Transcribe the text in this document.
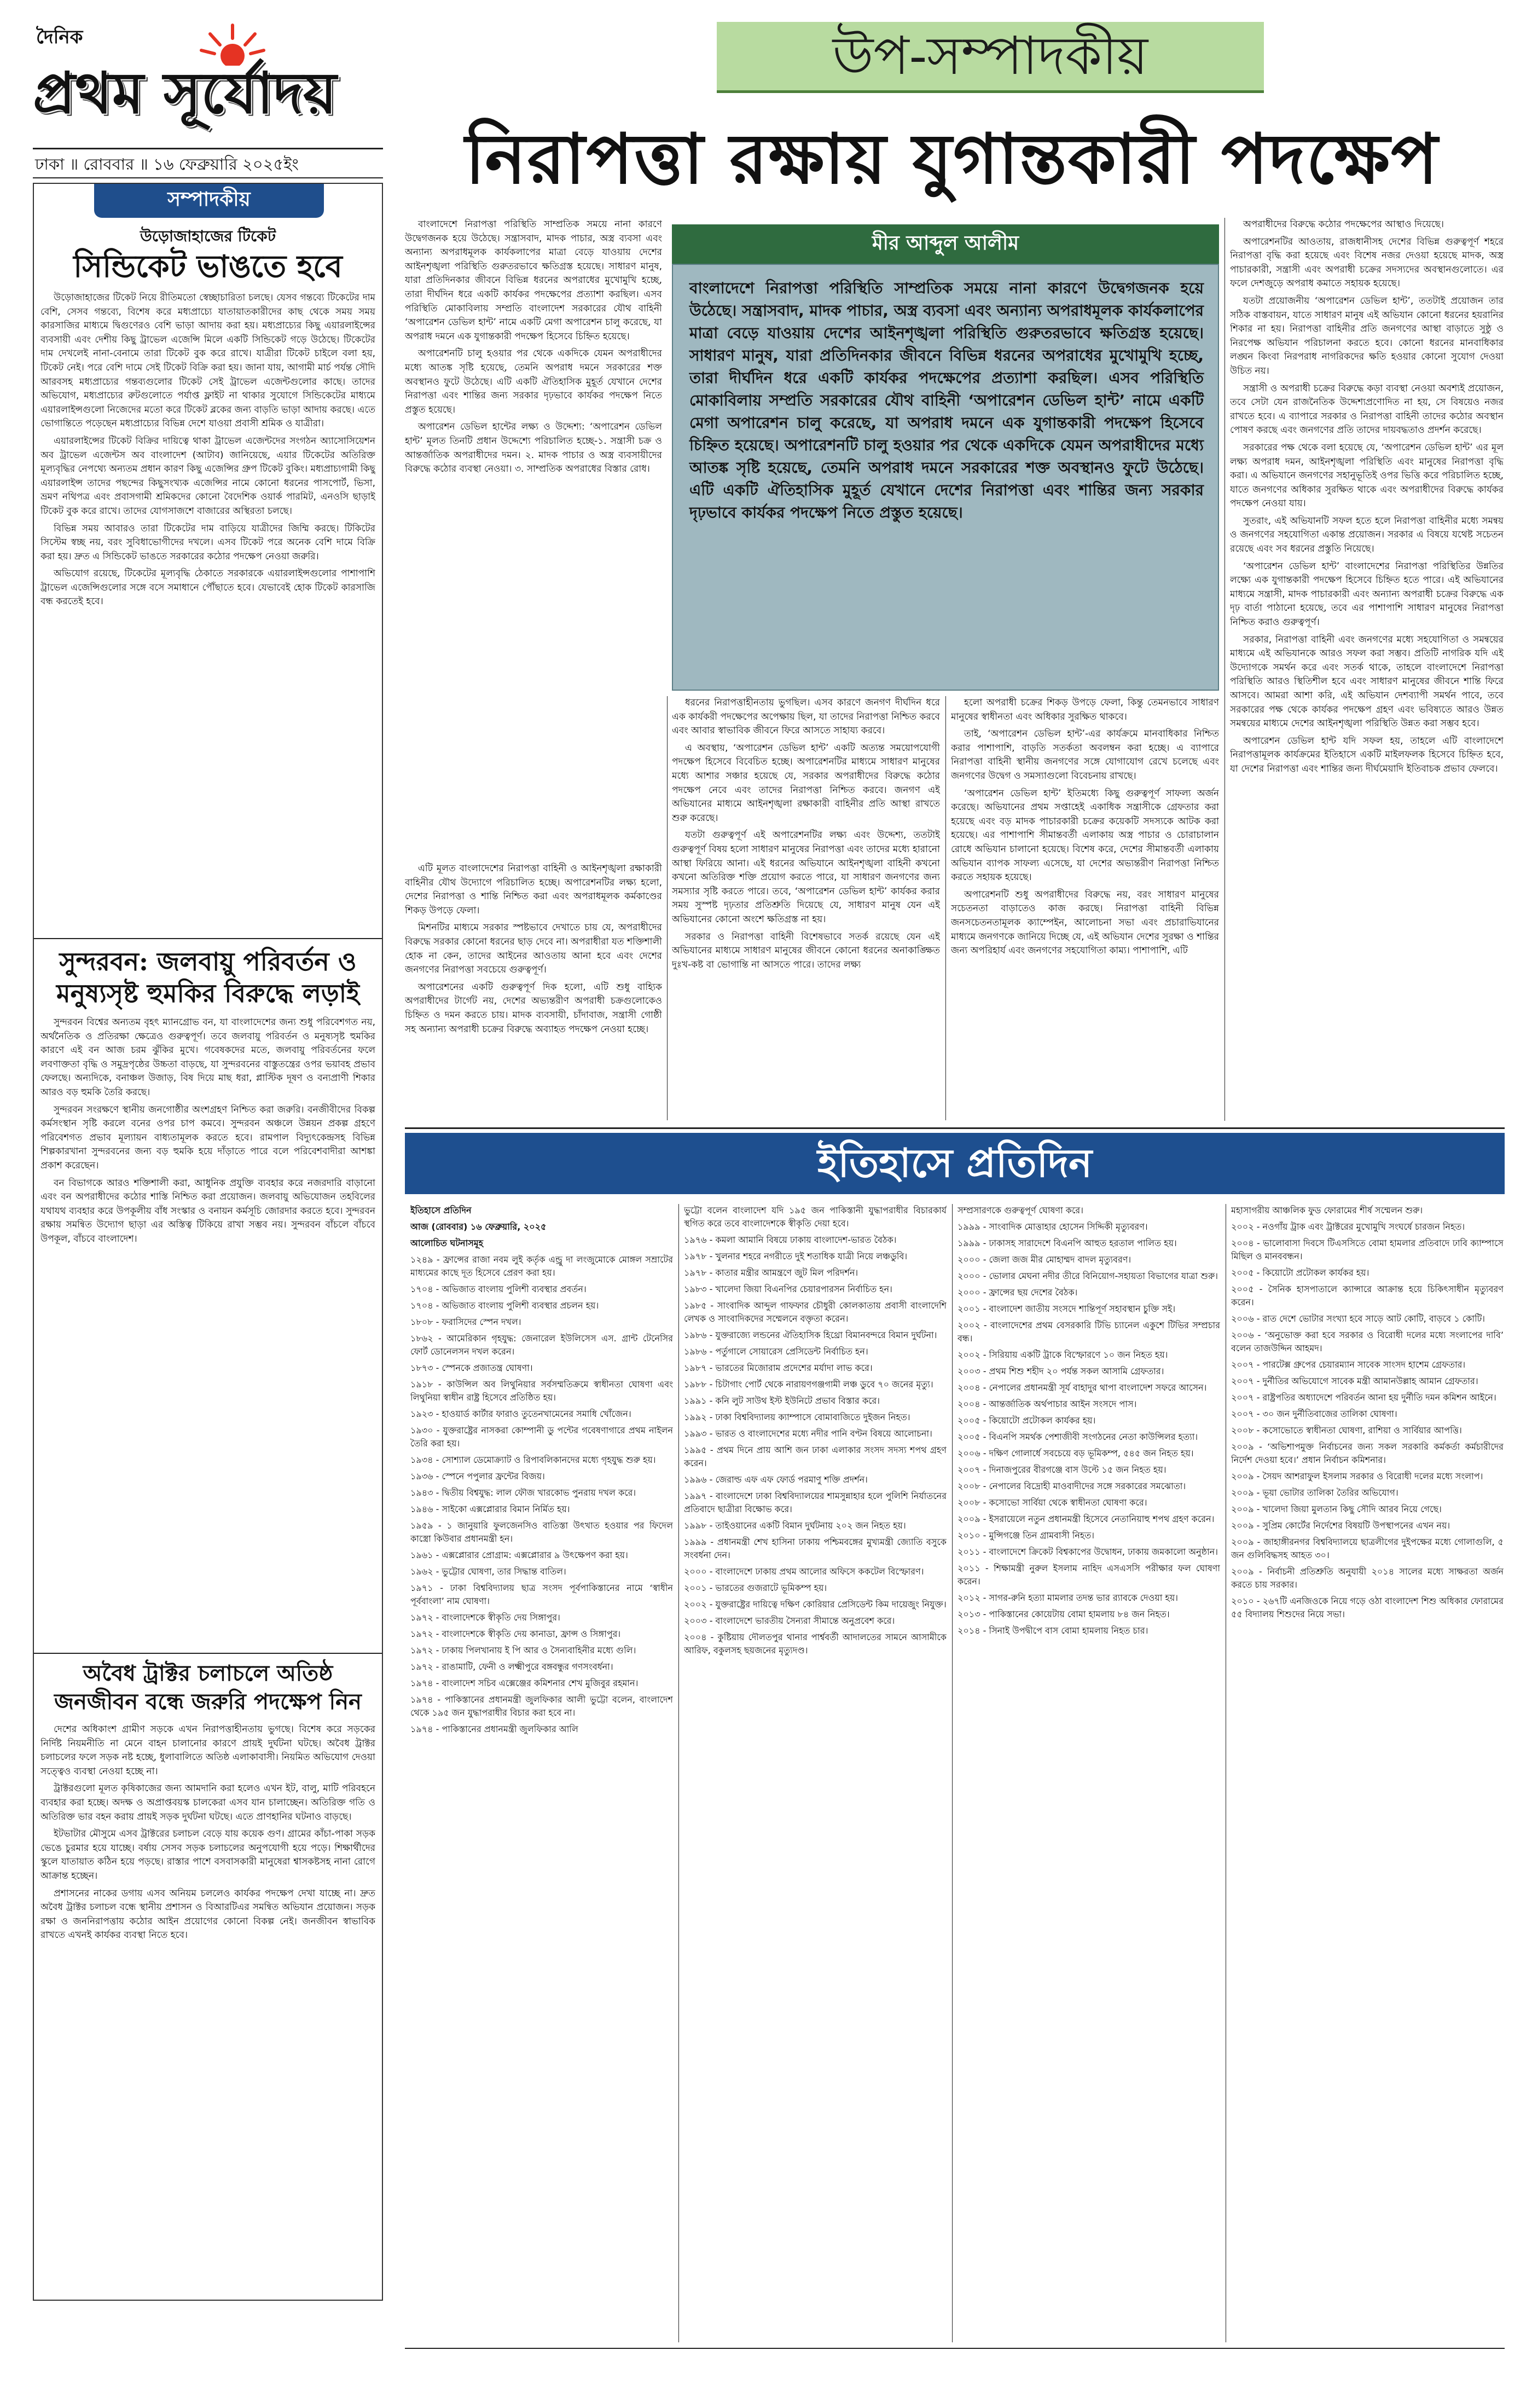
দৈনিক
প্রথম সূর্যোদয়
ঢাকা ॥ রোববার ॥ ১৬ ফেব্রুয়ারি ২০২৫ইং
সম্পাদকীয়
উড়োজাহাজের টিকেট
সিন্ডিকেট ভাঙতে হবে

উড়োজাহাজের টিকেট নিয়ে রীতিমতো স্বেচ্ছাচারিতা চলছে। যেসব গন্তব্যে টিকেটের দাম বেশি, সেসব গন্তব্যে, বিশেষ করে মধ্যপ্রাচ্যে যাতায়াতকারীদের কাছ থেকে সময় সময় কারসাজির মাধ্যমে দ্বিগুণেরও বেশি ভাড়া আদায় করা হয়। মধ্যপ্রাচ্যের কিছু এয়ারলাইন্সের ব্যবসায়ী এবং দেশীয় কিছু ট্রাভেল এজেন্সি মিলে একটি সিন্ডিকেট গড়ে উঠেছে। টিকেটের দাম দেখলেই নানা-বেনামে তারা টিকেট বুক করে রাখে। যাত্রীরা টিকেট চাইলে বলা হয়, টিকেট নেই। পরে বেশি দামে সেই টিকেট বিক্রি করা হয়। জানা যায়, আগামী মার্চ পর্যন্ত সৌদি আরবসহ মধ্যপ্রাচ্যের গন্তব্যগুলোর টিকেট সেই ট্রাভেল এজেন্টগুলোর কাছে। তাদের অভিযোগ, মধ্যপ্রাচ্যের রুটগুলোতে পর্যাপ্ত ফ্লাইট না থাকার সুযোগে সিন্ডিকেটের মাধ্যমে এয়ারলাইন্সগুলো নিজেদের মতো করে টিকেট ব্লকের জন্য বাড়তি ভাড়া আদায় করছে। এতে ভোগান্তিতে পড়েছেন মধ্যপ্রাচ্যের বিভিন্ন দেশে যাওয়া প্রবাসী শ্রমিক ও যাত্রীরা।

এয়ারলাইন্সের টিকেট বিক্রির দায়িত্বে থাকা ট্রাভেল এজেন্টদের সংগঠন অ্যাসোসিয়েশন অব ট্রাভেল এজেন্টস অব বাংলাদেশ (আটাব) জানিয়েছে, এয়ার টিকেটের অতিরিক্ত মূল্যবৃদ্ধির নেপথ্যে অন্যতম প্রধান কারণ কিছু এজেন্সির গ্রুপ টিকেট বুকিং। মধ্যপ্রাচ্যগামী কিছু এয়ারলাইন্স তাদের পছন্দের কিছুসংখ্যক এজেন্সির নামে কোনো ধরনের পাসপোর্ট, ভিসা, ভ্রমণ নথিপত্র এবং প্রবাসগামী শ্রমিকদের কোনো বৈদেশিক ওয়ার্ক পারমিট, এনওসি ছাড়াই টিকেট বুক করে রাখে। তাদের যোগসাজশে বাজারের অস্থিরতা চলছে।

বিভিন্ন সময় আবারও তারা টিকেটের দাম বাড়িয়ে যাত্রীদের জিম্মি করছে। টিকিটের সিস্টেম স্বচ্ছ নয়, বরং সুবিধাভোগীদের দখলে। এসব টিকেট পরে অনেক বেশি দামে বিক্রি করা হয়। দ্রুত এ সিন্ডিকেট ভাঙতে সরকারের কঠোর পদক্ষেপ নেওয়া জরুরি।

অভিযোগ রয়েছে, টিকেটের মূল্যবৃদ্ধি ঠেকাতে সরকারকে এয়ারলাইন্সগুলোর পাশাপাশি ট্রাভেল এজেন্সিগুলোর সঙ্গে বসে সমাধানে পৌঁছাতে হবে। যেভাবেই হোক টিকেট কারসাজি বন্ধ করতেই হবে।

সুন্দরবন: জলবায়ু পরিবর্তন ও মনুষ্যসৃষ্ট হুমকির বিরুদ্ধে লড়াই

সুন্দরবন বিশ্বের অন্যতম বৃহৎ ম্যানগ্রোভ বন, যা বাংলাদেশের জন্য শুধু পরিবেশগত নয়, অর্থনৈতিক ও প্রতিরক্ষা ক্ষেত্রেও গুরুত্বপূর্ণ। তবে জলবায়ু পরিবর্তন ও মনুষ্যসৃষ্ট হুমকির কারণে এই বন আজ চরম ঝুঁকির মুখে। গবেষকদের মতে, জলবায়ু পরিবর্তনের ফলে লবণাক্ততা বৃদ্ধি ও সমুদ্রপৃষ্ঠের উচ্চতা বাড়ছে, যা সুন্দরবনের বাস্তুতন্ত্রের ওপর ভয়াবহ প্রভাব ফেলছে। অন্যদিকে, বনাঞ্চল উজাড়, বিষ দিয়ে মাছ ধরা, প্লাস্টিক দূষণ ও বন্যপ্রাণী শিকার আরও বড় হুমকি তৈরি করছে।

সুন্দরবন সংরক্ষণে স্থানীয় জনগোষ্ঠীর অংশগ্রহণ নিশ্চিত করা জরুরি। বনজীবীদের বিকল্প কর্মসংস্থান সৃষ্টি করলে বনের ওপর চাপ কমবে। সুন্দরবন অঞ্চলে উন্নয়ন প্রকল্প গ্রহণে পরিবেশগত প্রভাব মূল্যায়ন বাধ্যতামূলক করতে হবে। রামপাল বিদ্যুৎকেন্দ্রসহ বিভিন্ন শিল্পকারখানা সুন্দরবনের জন্য বড় হুমকি হয়ে দাঁড়াতে পারে বলে পরিবেশবাদীরা আশঙ্কা প্রকাশ করেছেন।

বন বিভাগকে আরও শক্তিশালী করা, আধুনিক প্রযুক্তি ব্যবহার করে নজরদারি বাড়ানো এবং বন অপরাধীদের কঠোর শাস্তি নিশ্চিত করা প্রয়োজন। জলবায়ু অভিযোজন তহবিলের যথাযথ ব্যবহার করে উপকূলীয় বাঁধ সংস্কার ও বনায়ন কর্মসূচি জোরদার করতে হবে। সুন্দরবন রক্ষায় সমন্বিত উদ্যোগ ছাড়া এর অস্তিত্ব টিকিয়ে রাখা সম্ভব নয়। সুন্দরবন বাঁচলে বাঁচবে উপকূল, বাঁচবে বাংলাদেশ।

অবৈধ ট্রাক্টর চলাচলে অতিষ্ঠ জনজীবন বন্ধে জরুরি পদক্ষেপ নিন

দেশের অধিকাংশ গ্রামীণ সড়কে এখন নিরাপত্তাহীনতায় ভুগছে। বিশেষ করে সড়কের নির্দিষ্ট নিয়মনীতি না মেনে বাহন চালানোর কারণে প্রায়ই দুর্ঘটনা ঘটছে। অবৈধ ট্রাক্টর চলাচলের ফলে সড়ক নষ্ট হচ্ছে, ধুলাবালিতে অতিষ্ঠ এলাকাবাসী। নিয়মিত অভিযোগ দেওয়া সত্ত্বেও ব্যবস্থা নেওয়া হচ্ছে না।

ট্রাক্টরগুলো মূলত কৃষিকাজের জন্য আমদানি করা হলেও এখন ইট, বালু, মাটি পরিবহনে ব্যবহার করা হচ্ছে। অদক্ষ ও অপ্রাপ্তবয়স্ক চালকেরা এসব যান চালাচ্ছেন। অতিরিক্ত গতি ও অতিরিক্ত ভার বহন করায় প্রায়ই সড়ক দুর্ঘটনা ঘটছে। এতে প্রাণহানির ঘটনাও বাড়ছে।

ইটভাটার মৌসুমে এসব ট্রাক্টরের চলাচল বেড়ে যায় কয়েক গুণ। গ্রামের কাঁচা-পাকা সড়ক ভেঙে চুরমার হয়ে যাচ্ছে। বর্ষায় সেসব সড়ক চলাচলের অনুপযোগী হয়ে পড়ে। শিক্ষার্থীদের স্কুলে যাতায়াত কঠিন হয়ে পড়ছে। রাস্তার পাশে বসবাসকারী মানুষেরা শ্বাসকষ্টসহ নানা রোগে আক্রান্ত হচ্ছেন।

প্রশাসনের নাকের ডগায় এসব অনিয়ম চললেও কার্যকর পদক্ষেপ দেখা যাচ্ছে না। দ্রুত অবৈধ ট্রাক্টর চলাচল বন্ধে স্থানীয় প্রশাসন ও বিআরটিএর সমন্বিত অভিযান প্রয়োজন। সড়ক রক্ষা ও জননিরাপত্তায় কঠোর আইন প্রয়োগের কোনো বিকল্প নেই। জনজীবন স্বাভাবিক রাখতে এখনই কার্যকর ব্যবস্থা নিতে হবে।

উপ-সম্পাদকীয়
নিরাপত্তা রক্ষায় যুগান্তকারী পদক্ষেপ

বাংলাদেশে নিরাপত্তা পরিস্থিতি সাম্প্রতিক সময়ে নানা কারণে উদ্বেগজনক হয়ে উঠেছে। সন্ত্রাসবাদ, মাদক পাচার, অস্ত্র ব্যবসা এবং অন্যান্য অপরাধমূলক কার্যকলাপের মাত্রা বেড়ে যাওয়ায় দেশের আইনশৃঙ্খলা পরিস্থিতি গুরুতরভাবে ক্ষতিগ্রস্ত হয়েছে। সাধারণ মানুষ, যারা প্রতিদিনকার জীবনে বিভিন্ন ধরনের অপরাধের মুখোমুখি হচ্ছে, তারা দীর্ঘদিন ধরে একটি কার্যকর পদক্ষেপের প্রত্যাশা করছিল। এসব পরিস্থিতি মোকাবিলায় সম্প্রতি বাংলাদেশ সরকারের যৌথ বাহিনী ‘অপারেশন ডেভিল হান্ট’ নামে একটি মেগা অপারেশন চালু করেছে, যা অপরাধ দমনে এক যুগান্তকারী পদক্ষেপ হিসেবে চিহ্নিত হয়েছে।

অপারেশনটি চালু হওয়ার পর থেকে একদিকে যেমন অপরাধীদের মধ্যে আতঙ্ক সৃষ্টি হয়েছে, তেমনি অপরাধ দমনে সরকারের শক্ত অবস্থানও ফুটে উঠেছে। এটি একটি ঐতিহাসিক মুহূর্ত যেখানে দেশের নিরাপত্তা এবং শান্তির জন্য সরকার দৃঢ়ভাবে কার্যকর পদক্ষেপ নিতে প্রস্তুত হয়েছে।

অপারেশন ডেভিল হান্টের লক্ষ্য ও উদ্দেশ্য: ‘অপারেশন ডেভিল হান্ট’ মূলত তিনটি প্রধান উদ্দেশ্যে পরিচালিত হচ্ছে-১. সন্ত্রাসী চক্র ও আন্তর্জাতিক অপরাধীদের দমন। ২. মাদক পাচার ও অস্ত্র ব্যবসায়ীদের বিরুদ্ধে কঠোর ব্যবস্থা নেওয়া। ৩. সাম্প্রতিক অপরাধের বিস্তার রোধ।

এটি মূলত বাংলাদেশের নিরাপত্তা বাহিনী ও আইনশৃঙ্খলা রক্ষাকারী বাহিনীর যৌথ উদ্যোগে পরিচালিত হচ্ছে। অপারেশনটির লক্ষ্য হলো, দেশের নিরাপত্তা ও শান্তি নিশ্চিত করা এবং অপরাধমূলক কর্মকাণ্ডের শিকড় উপড়ে ফেলা।

মিশনটির মাধ্যমে সরকার স্পষ্টভাবে দেখাতে চায় যে, অপরাধীদের বিরুদ্ধে সরকার কোনো ধরনের ছাড় দেবে না। অপরাধীরা যত শক্তিশালী হোক না কেন, তাদের আইনের আওতায় আনা হবে এবং দেশের জনগণের নিরাপত্তা সবচেয়ে গুরুত্বপূর্ণ।

অপারেশনের একটি গুরুত্বপূর্ণ দিক হলো, এটি শুধু বাহ্যিক অপরাধীদের টার্গেট নয়, দেশের অভ্যন্তরীণ অপরাধী চক্রগুলোকেও চিহ্নিত ও দমন করতে চায়। মাদক ব্যবসায়ী, চাঁদাবাজ, সন্ত্রাসী গোষ্ঠী সহ অন্যান্য অপরাধী চক্রের বিরুদ্ধে অব্যাহত পদক্ষেপ নেওয়া হচ্ছে।

মীর আব্দুল আলীম
বাংলাদেশে নিরাপত্তা পরিস্থিতি সাম্প্রতিক সময়ে নানা কারণে উদ্বেগজনক হয়ে উঠেছে। সন্ত্রাসবাদ, মাদক পাচার, অস্ত্র ব্যবসা এবং অন্যান্য অপরাধমূলক কার্যকলাপের মাত্রা বেড়ে যাওয়ায় দেশের আইনশৃঙ্খলা পরিস্থিতি গুরুতরভাবে ক্ষতিগ্রস্ত হয়েছে। সাধারণ মানুষ, যারা প্রতিদিনকার জীবনে বিভিন্ন ধরনের অপরাধের মুখোমুখি হচ্ছে, তারা দীর্ঘদিন ধরে একটি কার্যকর পদক্ষেপের প্রত্যাশা করছিল। এসব পরিস্থিতি মোকাবিলায় সম্প্রতি সরকারের যৌথ বাহিনী ‘অপারেশন ডেভিল হান্ট’ নামে একটি মেগা অপারেশন চালু করেছে, যা অপরাধ দমনে এক যুগান্তকারী পদক্ষেপ হিসেবে চিহ্নিত হয়েছে। অপারেশনটি চালু হওয়ার পর থেকে একদিকে যেমন অপরাধীদের মধ্যে আতঙ্ক সৃষ্টি হয়েছে, তেমনি অপরাধ দমনে সরকারের শক্ত অবস্থানও ফুটে উঠেছে। এটি একটি ঐতিহাসিক মুহূর্ত যেখানে দেশের নিরাপত্তা এবং শান্তির জন্য সরকার দৃঢ়ভাবে কার্যকর পদক্ষেপ নিতে প্রস্তুত হয়েছে।

ধরনের নিরাপত্তাহীনতায় ভুগছিল। এসব কারণে জনগণ দীর্ঘদিন ধরে এক কার্যকরী পদক্ষেপের অপেক্ষায় ছিল, যা তাদের নিরাপত্তা নিশ্চিত করবে এবং আবার স্বাভাবিক জীবনে ফিরে আসতে সাহায্য করবে।

এ অবস্থায়, ‘অপারেশন ডেভিল হান্ট’ একটি অত্যন্ত সময়োপযোগী পদক্ষেপ হিসেবে বিবেচিত হচ্ছে। অপারেশনটির মাধ্যমে সাধারণ মানুষের মধ্যে আশার সঞ্চার হয়েছে যে, সরকার অপরাধীদের বিরুদ্ধে কঠোর পদক্ষেপ নেবে এবং তাদের নিরাপত্তা নিশ্চিত করবে। জনগণ এই অভিযানের মাধ্যমে আইনশৃঙ্খলা রক্ষাকারী বাহিনীর প্রতি আস্থা রাখতে শুরু করেছে।

যতটা গুরুত্বপূর্ণ এই অপারেশনটির লক্ষ্য এবং উদ্দেশ্য, ততটাই গুরুত্বপূর্ণ বিষয় হলো সাধারণ মানুষের নিরাপত্তা এবং তাদের মধ্যে হারানো আস্থা ফিরিয়ে আনা। এই ধরনের অভিযানে আইনশৃঙ্খলা বাহিনী কখনো কখনো অতিরিক্ত শক্তি প্রয়োগ করতে পারে, যা সাধারণ জনগণের জন্য সমস্যার সৃষ্টি করতে পারে। তবে, ‘অপারেশন ডেভিল হান্ট’ কার্যকর করার সময় সুস্পষ্ট দৃঢ়তার প্রতিশ্রুতি দিয়েছে যে, সাধারণ মানুষ যেন এই অভিযানের কোনো অংশে ক্ষতিগ্রস্ত না হয়।

সরকার ও নিরাপত্তা বাহিনী বিশেষভাবে সতর্ক রয়েছে যেন এই অভিযানের মাধ্যমে সাধারণ মানুষের জীবনে কোনো ধরনের অনাকাঙ্ক্ষিত দুঃখ-কষ্ট বা ভোগান্তি না আসতে পারে। তাদের লক্ষ্য

হলো অপরাধী চক্রের শিকড় উপড়ে ফেলা, কিন্তু তেমনভাবে সাধারণ মানুষের স্বাধীনতা এবং অধিকার সুরক্ষিত থাকবে।

তাই, ‘অপারেশন ডেভিল হান্ট’-এর কার্যক্রমে মানবাধিকার নিশ্চিত করার পাশাপাশি, বাড়তি সতর্কতা অবলম্বন করা হচ্ছে। এ ব্যাপারে নিরাপত্তা বাহিনী স্থানীয় জনগণের সঙ্গে যোগাযোগ রেখে চলেছে এবং জনগণের উদ্বেগ ও সমস্যাগুলো বিবেচনায় রাখছে।

‘অপারেশন ডেভিল হান্ট’ ইতিমধ্যে কিছু গুরুত্বপূর্ণ সাফল্য অর্জন করেছে। অভিযানের প্রথম সপ্তাহেই একাধিক সন্ত্রাসীকে গ্রেফতার করা হয়েছে এবং বড় মাদক পাচারকারী চক্রের কয়েকটি সদস্যকে আটক করা হয়েছে। এর পাশাপাশি সীমান্তবর্তী এলাকায় অস্ত্র পাচার ও চোরাচালান রোধে অভিযান চালানো হয়েছে। বিশেষ করে, দেশের সীমান্তবর্তী এলাকায় অভিযান ব্যাপক সাফল্য এসেছে, যা দেশের অভ্যন্তরীণ নিরাপত্তা নিশ্চিত করতে সহায়ক হয়েছে।

অপারেশনটি শুধু অপরাধীদের বিরুদ্ধে নয়, বরং সাধারণ মানুষের সচেতনতা বাড়াতেও কাজ করছে। নিরাপত্তা বাহিনী বিভিন্ন জনসচেতনতামূলক ক্যাম্পেইন, আলোচনা সভা এবং প্রচারাভিযানের মাধ্যমে জনগণকে জানিয়ে দিচ্ছে যে, এই অভিযান দেশের সুরক্ষা ও শান্তির জন্য অপরিহার্য এবং জনগণের সহযোগিতা কাম্য। পাশাপাশি, এটি

অপরাধীদের বিরুদ্ধে কঠোর পদক্ষেপের আস্থাও দিয়েছে।

অপারেশনটির আওতায়, রাজধানীসহ দেশের বিভিন্ন গুরুত্বপূর্ণ শহরে নিরাপত্তা বৃদ্ধি করা হয়েছে এবং বিশেষ নজর দেওয়া হয়েছে মাদক, অস্ত্র পাচারকারী, সন্ত্রাসী এবং অপরাধী চক্রের সদস্যদের অবস্থানগুলোতে। এর ফলে দেশজুড়ে অপরাধ কমাতে সহায়ক হয়েছে।

যতটা প্রয়োজনীয় ‘অপারেশন ডেভিল হান্ট’, ততটাই প্রয়োজন তার সঠিক বাস্তবায়ন, যাতে সাধারণ মানুষ এই অভিযান কোনো ধরনের হয়রানির শিকার না হয়। নিরাপত্তা বাহিনীর প্রতি জনগণের আস্থা বাড়াতে সুষ্ঠু ও নিরপেক্ষ অভিযান পরিচালনা করতে হবে। কোনো ধরনের মানবাধিকার লঙ্ঘন কিংবা নিরপরাধ নাগরিকদের ক্ষতি হওয়ার কোনো সুযোগ দেওয়া উচিত নয়।

সন্ত্রাসী ও অপরাধী চক্রের বিরুদ্ধে কড়া ব্যবস্থা নেওয়া অবশ্যই প্রয়োজন, তবে সেটা যেন রাজনৈতিক উদ্দেশ্যপ্রণোদিত না হয়, সে বিষয়েও নজর রাখতে হবে। এ ব্যাপারে সরকার ও নিরাপত্তা বাহিনী তাদের কঠোর অবস্থান পোষণ করছে এবং জনগণের প্রতি তাদের দায়বদ্ধতাও প্রদর্শন করেছে।

সরকারের পক্ষ থেকে বলা হয়েছে যে, ‘অপারেশন ডেভিল হান্ট’ এর মূল লক্ষ্য অপরাধ দমন, আইনশৃঙ্খলা পরিস্থিতি এবং মানুষের নিরাপত্তা বৃদ্ধি করা। এ অভিযানে জনগণের সহানুভূতিই ওপর ভিত্তি করে পরিচালিত হচ্ছে, যাতে জনগণের অধিকার সুরক্ষিত থাকে এবং অপরাধীদের বিরুদ্ধে কার্যকর পদক্ষেপ নেওয়া যায়।

সুতরাং, এই অভিযানটি সফল হতে হলে নিরাপত্তা বাহিনীর মধ্যে সমন্বয় ও জনগণের সহযোগিতা একান্ত প্রয়োজন। সরকার এ বিষয়ে যথেষ্ট সচেতন রয়েছে এবং সব ধরনের প্রস্তুতি নিয়েছে।

‘অপারেশন ডেভিল হান্ট’ বাংলাদেশের নিরাপত্তা পরিস্থিতির উন্নতির লক্ষ্যে এক যুগান্তকারী পদক্ষেপ হিসেবে চিহ্নিত হতে পারে। এই অভিযানের মাধ্যমে সন্ত্রাসী, মাদক পাচারকারী এবং অন্যান্য অপরাধী চক্রের বিরুদ্ধে এক দৃঢ় বার্তা পাঠানো হয়েছে, তবে এর পাশাপাশি সাধারণ মানুষের নিরাপত্তা নিশ্চিত করাও গুরুত্বপূর্ণ।

সরকার, নিরাপত্তা বাহিনী এবং জনগণের মধ্যে সহযোগিতা ও সমন্বয়ের মাধ্যমে এই অভিযানকে আরও সফল করা সম্ভব। প্রতিটি নাগরিক যদি এই উদ্যোগকে সমর্থন করে এবং সতর্ক থাকে, তাহলে বাংলাদেশে নিরাপত্তা পরিস্থিতি আরও স্থিতিশীল হবে এবং সাধারণ মানুষের জীবনে শান্তি ফিরে আসবে। আমরা আশা করি, এই অভিযান দেশব্যাপী সমর্থন পাবে, তবে সরকারের পক্ষ থেকে কার্যকর পদক্ষেপ গ্রহণ এবং ভবিষ্যতে আরও উন্নত সমন্বয়ের মাধ্যমে দেশের আইনশৃঙ্খলা পরিস্থিতি উন্নত করা সম্ভব হবে।

অপারেশন ডেভিল হান্ট যদি সফল হয়, তাহলে এটি বাংলাদেশে নিরাপত্তামূলক কার্যক্রমের ইতিহাসে একটি মাইলফলক হিসেবে চিহ্নিত হবে, যা দেশের নিরাপত্তা এবং শান্তির জন্য দীর্ঘমেয়াদি ইতিবাচক প্রভাব ফেলবে।

ইতিহাসে প্রতিদিন

ইতিহাসে প্রতিদিন

আজ (রোববার) ১৬ ফেব্রুয়ারি, ২০২৫

আলোচিত ঘটনাসমূহ

১২৪৯ - ফ্রান্সের রাজা নবম লুই কর্তৃক এন্ড্রু দা লংজুমোকে মোঙ্গল সম্রাটের মাধ্যমের কাছে দূত হিসেবে প্রেরণ করা হয়।

১৭০৪ - অভিজাত বাংলায় পুলিশী ব্যবস্থার প্রবর্তন।

১৭০৪ - অভিজাত বাংলায় পুলিশী ব্যবস্থার প্রচলন হয়।

১৮০৮ - ফরাসিদের স্পেন দখল।

১৮৬২ - আমেরিকান গৃহযুদ্ধ: জেনারেল ইউলিসেস এস. গ্রান্ট টেনেসির ফোর্ট ডোনেলসন দখল করেন।

১৮৭৩ - স্পেনকে প্রজাতন্ত্র ঘোষণা।

১৯১৮ - কাউন্সিল অব লিথুনিয়ার সর্বসম্মতিক্রমে স্বাধীনতা ঘোষণা এবং লিথুনিয়া স্বাধীন রাষ্ট্র হিসেবে প্রতিষ্ঠিত হয়।

১৯২৩ - হাওয়ার্ড কার্টার ফারাও তুতেনখামেনের সমাধি খোঁজেন।

১৯৩০ - যুক্তরাষ্ট্রের নাসকরা কোম্পানী ডু পন্টের গবেষণাগারে প্রথম নাইলন তৈরি করা হয়।

১৯৩৪ - সোশ্যাল ডেমোক্র্যাট ও রিপাবলিকানদের মধ্যে গৃহযুদ্ধ শুরু হয়।

১৯৩৬ - স্পেনে পপুলার ফ্রন্টের বিজয়।

১৯৪৩ - দ্বিতীয় বিশ্বযুদ্ধ: লাল ফৌজ খারকোভ পুনরায় দখল করে।

১৯৪৬ - সাইকো এক্সপ্লোরার বিমান নির্মিত হয়।

১৯৫৯ - ১ জানুয়ারি ফুলজেনসিও বাতিস্তা উৎখাত হওয়ার পর ফিদেল কাস্ত্রো কিউবার প্রধানমন্ত্রী হন।

১৯৬১ - এক্সপ্লোরার প্রোগ্রাম: এক্সপ্লোরার ৯ উৎক্ষেপণ করা হয়।

১৯৬২ - ভুট্টোর ঘোষণা, তার সিদ্ধান্ত বাতিল।

১৯৭১ - ঢাকা বিশ্ববিদ্যালয় ছাত্র সংসদ পূর্বপাকিস্তানের নামে ‘স্বাধীন পূর্ববাংলা’ নাম ঘোষণা।

১৯৭২ - বাংলাদেশকে স্বীকৃতি দেয় সিঙ্গাপুর।

১৯৭২ - বাংলাদেশকে স্বীকৃতি দেয় কানাডা, ফ্রান্স ও সিঙ্গাপুর।

১৯৭২ - ঢাকায় পিলখানায় ই পি আর ও সৈন্যবাহিনীর মধ্যে গুলি।

১৯৭২ - রাঙামাটি, ফেনী ও লক্ষ্মীপুরে বঙ্গবন্ধুর গণসংবর্ধনা।

১৯৭৪ - বাংলাদেশ সচিব এক্সেঞ্জের কমিশনার শেখ মুজিবুর রহমান।

১৯৭৪ - পাকিস্তানের প্রধানমন্ত্রী জুলফিকার আলী ভুট্টো বলেন, বাংলাদেশ থেকে ১৯৫ জন যুদ্ধাপরাধীর বিচার করা হবে না।

১৯৭৪ - পাকিস্তানের প্রধানমন্ত্রী জুলফিকার আলি

ভুট্টো বলেন বাংলাদেশ যদি ১৯৫ জন পাকিস্তানী যুদ্ধাপরাধীর বিচারকার্য স্থগিত করে তবে বাংলাদেশকে স্বীকৃতি দেয়া হবে।

১৯৭৬ - কমলা আমানি বিষয়ে ঢাকায় বাংলাদেশ-ভারত বৈঠক।

১৯৭৮ - খুলনার শহরে নগরীতে দুই শতাধিক যাত্রী নিয়ে লঞ্চডুবি।

১৯৭৮ - কাতার মন্ত্রীর আমন্ত্রণে জুট মিল পরিদর্শন।

১৯৮৩ - খালেদা জিয়া বিএনপির চেয়ারপারসন নির্বাচিত হন।

১৯৮৫ - সাংবাদিক আব্দুল গাফফার চৌধুরী কোলকাতায় প্রবাসী বাংলাদেশি লেখক ও সাংবাদিকদের সম্মেলনে বক্তৃতা করেন।

১৯৮৬ - যুক্তরাজ্যে লন্ডনের ঐতিহাসিক হিথ্রো বিমানবন্দরে বিমান দুর্ঘটনা।

১৯৮৬ - পর্তুগালে সোয়ারেস প্রেসিডেন্ট নির্বাচিত হন।

১৯৮৭ - ভারতের মিজোরাম প্রদেশের মর্যাদা লাভ করে।

১৯৮৮ - চিটাগাং পোর্ট থেকে নারায়ণগঞ্জগামী লঞ্চ ডুবে ৭০ জনের মৃত্যু।

১৯৯১ - কনি লুট সাউথ ইস্ট ইউনিটে প্রভাব বিস্তার করে।

১৯৯২ - ঢাকা বিশ্ববিদ্যালয় ক্যাম্পাসে বোমাবাজিতে দুইজন নিহত।

১৯৯৩ - ভারত ও বাংলাদেশের মধ্যে নদীর পানি বণ্টন বিষয়ে আলোচনা।

১৯৯৫ - প্রথম দিনে প্রায় আশি জন ঢাকা এলাকার সংসদ সদস্য শপথ গ্রহণ করেন।

১৯৯৬ - জেরাল্ড এফ এফ ফোর্ড পরমাণু শক্তি প্রদর্শন।

১৯৯৭ - বাংলাদেশে ঢাকা বিশ্ববিদ্যালয়ের শামসুন্নাহার হলে পুলিশি নির্যাতনের প্রতিবাদে ছাত্রীরা বিক্ষোভ করে।

১৯৯৮ - তাইওয়ানের একটি বিমান দুর্ঘটনায় ২০২ জন নিহত হয়।

১৯৯৯ - প্রধানমন্ত্রী শেখ হাসিনা ঢাকায় পশ্চিমবঙ্গের মুখ্যমন্ত্রী জ্যোতি বসুকে সংবর্ধনা দেন।

২০০০ - বাংলাদেশে ঢাকায় প্রথম আলোর অফিসে ককটেল বিস্ফোরণ।

২০০১ - ভারতের গুজরাটে ভূমিকম্প হয়।

২০০২ - যুক্তরাষ্ট্রের দায়িত্বে দক্ষিণ কোরিয়ার প্রেসিডেন্ট কিম দায়েজুং নিযুক্ত।

২০০৩ - বাংলাদেশে ভারতীয় সৈন্যরা সীমান্তে অনুপ্রবেশ করে।

২০০৪ - কুষ্টিয়ায় দৌলতপুর থানার পার্শ্ববর্তী আদালতের সামনে আসামীকে আরিফ, বকুলসহ ছয়জনের মৃত্যুদণ্ড।

সম্প্রসারণকে গুরুত্বপূর্ণ ঘোষণা করে।

১৯৯৯ - সাংবাদিক মোত্তাহার হোসেন সিদ্দিকী মৃত্যুবরণ।

১৯৯৯ - ঢাকাসহ সারাদেশে বিএনপি আহুত হরতাল পালিত হয়।

২০০০ - জেলা জজ মীর মোহাম্মদ বাদল মৃত্যুবরণ।

২০০০ - ভোলার মেঘনা নদীর তীরে বিনিয়োগ-সহায়তা বিভাগের যাত্রা শুরু।

২০০০ - ফ্রান্সের ছয় দেশের বৈঠক।

২০০১ - বাংলাদেশ জাতীয় সংসদে শান্তিপূর্ণ সহাবস্থান চুক্তি সই।

২০০২ - বাংলাদেশের প্রথম বেসরকারি টিভি চ্যানেল একুশে টিভির সম্প্রচার বন্ধ।

২০০২ - সিরিয়ায় একটি ট্রাকে বিস্ফোরণে ১০ জন নিহত হয়।

২০০৩ - প্রথম শিশু শহীদ ২০ পর্যন্ত সকল আসামি গ্রেফতার।

২০০৪ - নেপালের প্রধানমন্ত্রী সূর্য বাহাদুর থাপা বাংলাদেশ সফরে আসেন।

২০০৪ - আন্তর্জাতিক অর্থপাচার আইন সংসদে পাস।

২০০৫ - কিয়োটো প্রটোকল কার্যকর হয়।

২০০৫ - বিএনপি সমর্থক পেশাজীবী সংগঠনের নেতা কাউন্সিলর হত্যা।

২০০৬ - দক্ষিণ গোলার্ধে সবচেয়ে বড় ভূমিকম্প, ৫৪৫ জন নিহত হয়।

২০০৭ - দিনাজপুরের বীরগঞ্জে বাস উল্টে ১৫ জন নিহত হয়।

২০০৮ - নেপালের বিদ্রোহী মাওবাদীদের সঙ্গে সরকারের সমঝোতা।

২০০৮ - কসোভো সার্বিয়া থেকে স্বাধীনতা ঘোষণা করে।

২০০৯ - ইসরায়েলে নতুন প্রধানমন্ত্রী হিসেবে নেতানিয়াহু শপথ গ্রহণ করেন।

২০১০ - মুন্সিগঞ্জে তিন গ্রামবাসী নিহত।

২০১১ - বাংলাদেশে ক্রিকেট বিশ্বকাপের উদ্বোধন, ঢাকায় জমকালো অনুষ্ঠান।

২০১১ - শিক্ষামন্ত্রী নুরুল ইসলাম নাহিদ এসএসসি পরীক্ষার ফল ঘোষণা করেন।

২০১২ - সাগর-রুনি হত্যা মামলার তদন্ত ভার র‌্যাবকে দেওয়া হয়।

২০১৩ - পাকিস্তানের কোয়েটায় বোমা হামলায় ৮৪ জন নিহত।

২০১৪ - সিনাই উপদ্বীপে বাস বোমা হামলায় নিহত চার।

মহাসাগরীয় আঞ্চলিক ফুড ফোরামের শীর্ষ সম্মেলন শুরু।

২০০২ - নওগাঁয় ট্রাক এবং ট্রাক্টরের মুখোমুখি সংঘর্ষে চারজন নিহত।

২০০৪ - ভালোবাসা দিবসে টিএসসিতে বোমা হামলার প্রতিবাদে ঢাবি ক্যাম্পাসে মিছিল ও মানববন্ধন।

২০০৫ - কিয়োটো প্রটোকল কার্যকর হয়।

২০০৫ - সৈনিক হাসপাতালে ক্যান্সারে আক্রান্ত হয়ে চিকিৎসাধীন মৃত্যুবরণ করেন।

২০০৬ - রাত দেশে ভোটার সংখ্যা হবে সাড়ে আট কোটি, বাড়বে ১ কোটি।

২০০৬ - ‘অনুভোক্ত করা হবে সরকার ও বিরোধী দলের মধ্যে সংলাপের দাবি’ বলেন তাজউদ্দিন আহমদ।

২০০৭ - পারটেক্স গ্রুপের চেয়ারম্যান সাবেক সাংসদ হাশেম গ্রেফতার।

২০০৭ - দুর্নীতির অভিযোগে সাবেক মন্ত্রী আমানউল্লাহ আমান গ্রেফতার।

২০০৭ - রাষ্ট্রপতির অধ্যাদেশে পরিবর্তন আনা হয় দুর্নীতি দমন কমিশন আইনে।

২০০৭ - ৩০ জন দুর্নীতিবাজের তালিকা ঘোষণা।

২০০৮ - কসোভোতে স্বাধীনতা ঘোষণা, রাশিয়া ও সার্বিয়ার আপত্তি।

২০০৯ - ‘অভিশাপমুক্ত নির্বাচনের জন্য সকল সরকারি কর্মকর্তা কর্মচারীদের নির্দেশ দেওয়া হবে।’ প্রধান নির্বাচন কমিশনার।

২০০৯ - সৈয়দ আশরাফুল ইসলাম সরকার ও বিরোধী দলের মধ্যে সংলাপ।

২০০৯ - ভূয়া ভোটার তালিকা তৈরির অভিযোগ।

২০০৯ - খালেদা জিয়া মুলতান কিছু সৌদি আরব নিয়ে গেছে।

২০০৯ - সুপ্রিম কোর্টের নির্দেশের বিষয়টি উপস্থাপনের এখন নয়।

২০০৯ - জাহাঙ্গীরনগর বিশ্ববিদ্যালয়ে ছাত্রলীগের দুইপক্ষের মধ্যে গোলাগুলি, ৫ জন গুলিবিদ্ধসহ আহত ৩০।

২০০৯ - নির্বাচনী প্রতিশ্রুতি অনুযায়ী ২০১৪ সালের মধ্যে সাক্ষরতা অর্জন করতে চায় সরকার।

২০১০ - ২৬৭টি এনজিওকে নিয়ে গড়ে ওঠা বাংলাদেশ শিশু অধিকার ফোরামের ৫৫ বিদ্যালয় শিশুদের নিয়ে সভা।
